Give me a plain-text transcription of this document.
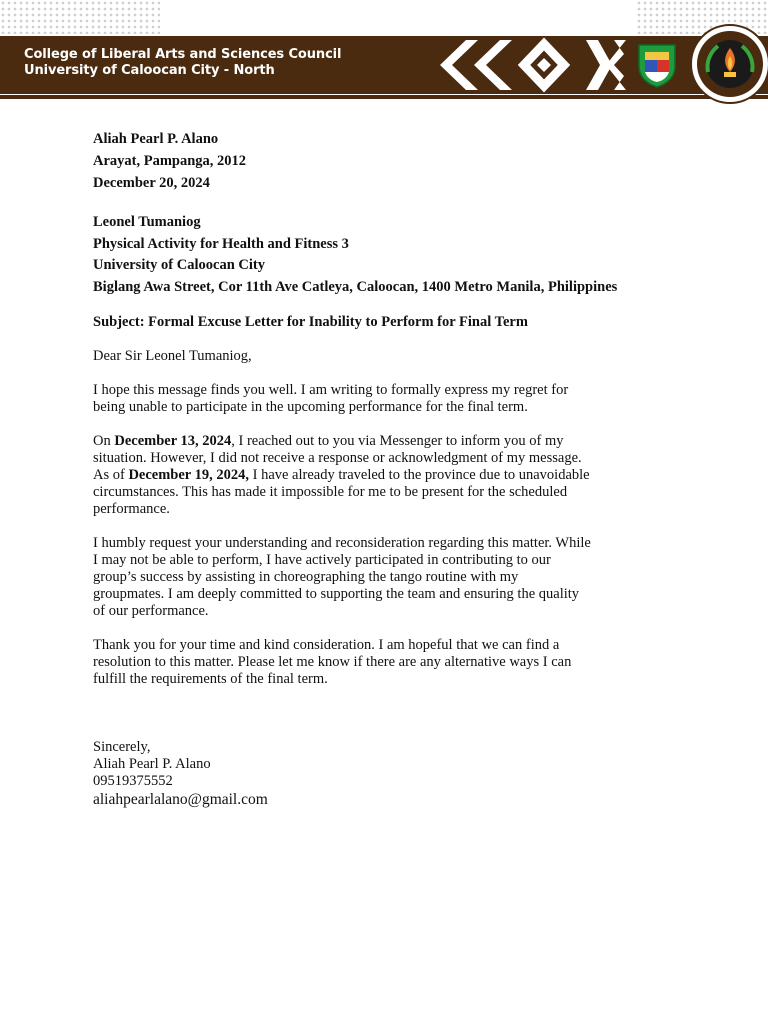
College of Liberal Arts and Sciences Council
University of Caloocan City - North
Aliah Pearl P. Alano
Arayat, Pampanga, 2012
December 20, 2024
Leonel Tumaniog
Physical Activity for Health and Fitness 3
University of Caloocan City
Biglang Awa Street, Cor 11th Ave Catleya, Caloocan, 1400 Metro Manila, Philippines

Subject: Formal Excuse Letter for Inability to Perform for Final Term

Dear Sir Leonel Tumaniog,

I hope this message finds you well. I am writing to formally express my regret for being unable to participate in the upcoming performance for the final term.

On December 13, 2024, I reached out to you via Messenger to inform you of my situation. However, I did not receive a response or acknowledgment of my message. As of December 19, 2024, I have already traveled to the province due to unavoidable circumstances. This has made it impossible for me to be present for the scheduled performance.

I humbly request your understanding and reconsideration regarding this matter. While I may not be able to perform, I have actively participated in contributing to our group’s success by assisting in choreographing the tango routine with my groupmates. I am deeply committed to supporting the team and ensuring the quality of our performance.

Thank you for your time and kind consideration. I am hopeful that we can find a resolution to this matter. Please let me know if there are any alternative ways I can fulfill the requirements of the final term.

Sincerely,
Aliah Pearl P. Alano
09519375552
aliahpearlalano@gmail.com
